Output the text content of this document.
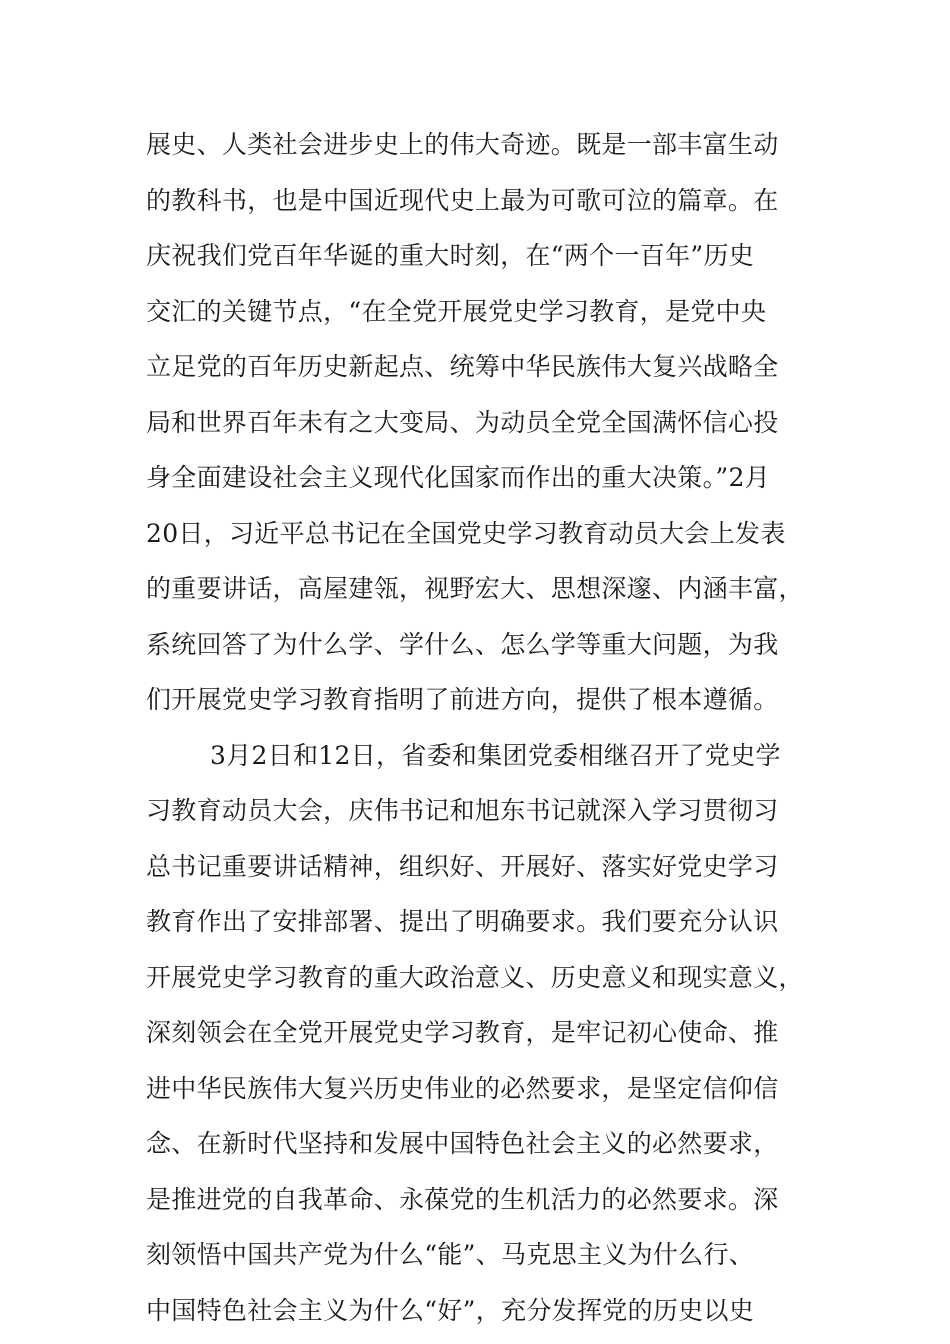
展史、人类社会进步史上的伟大奇迹。既是一部丰富生动
的教科书，也是中国近现代史上最为可歌可泣的篇章。在
庆祝我们党百年华诞的重大时刻，在“两个一百年”历史
交汇的关键节点，“在全党开展党史学习教育，是党中央
立足党的百年历史新起点、统筹中华民族伟大复兴战略全
局和世界百年未有之大变局、为动员全党全国满怀信心投
身全面建设社会主义现代化国家而作出的重大决策。”2月
20日，习近平总书记在全国党史学习教育动员大会上发表
的重要讲话，高屋建瓴，视野宏大、思想深邃、内涵丰富，
系统回答了为什么学、学什么、怎么学等重大问题，为我
们开展党史学习教育指明了前进方向，提供了根本遵循。
3月2日和12日，省委和集团党委相继召开了党史学
习教育动员大会，庆伟书记和旭东书记就深入学习贯彻习
总书记重要讲话精神，组织好、开展好、落实好党史学习
教育作出了安排部署、提出了明确要求。我们要充分认识
开展党史学习教育的重大政治意义、历史意义和现实意义，
深刻领会在全党开展党史学习教育，是牢记初心使命、推
进中华民族伟大复兴历史伟业的必然要求，是坚定信仰信
念、在新时代坚持和发展中国特色社会主义的必然要求，
是推进党的自我革命、永葆党的生机活力的必然要求。深
刻领悟中国共产党为什么“能”、马克思主义为什么行、
中国特色社会主义为什么“好”，充分发挥党的历史以史
